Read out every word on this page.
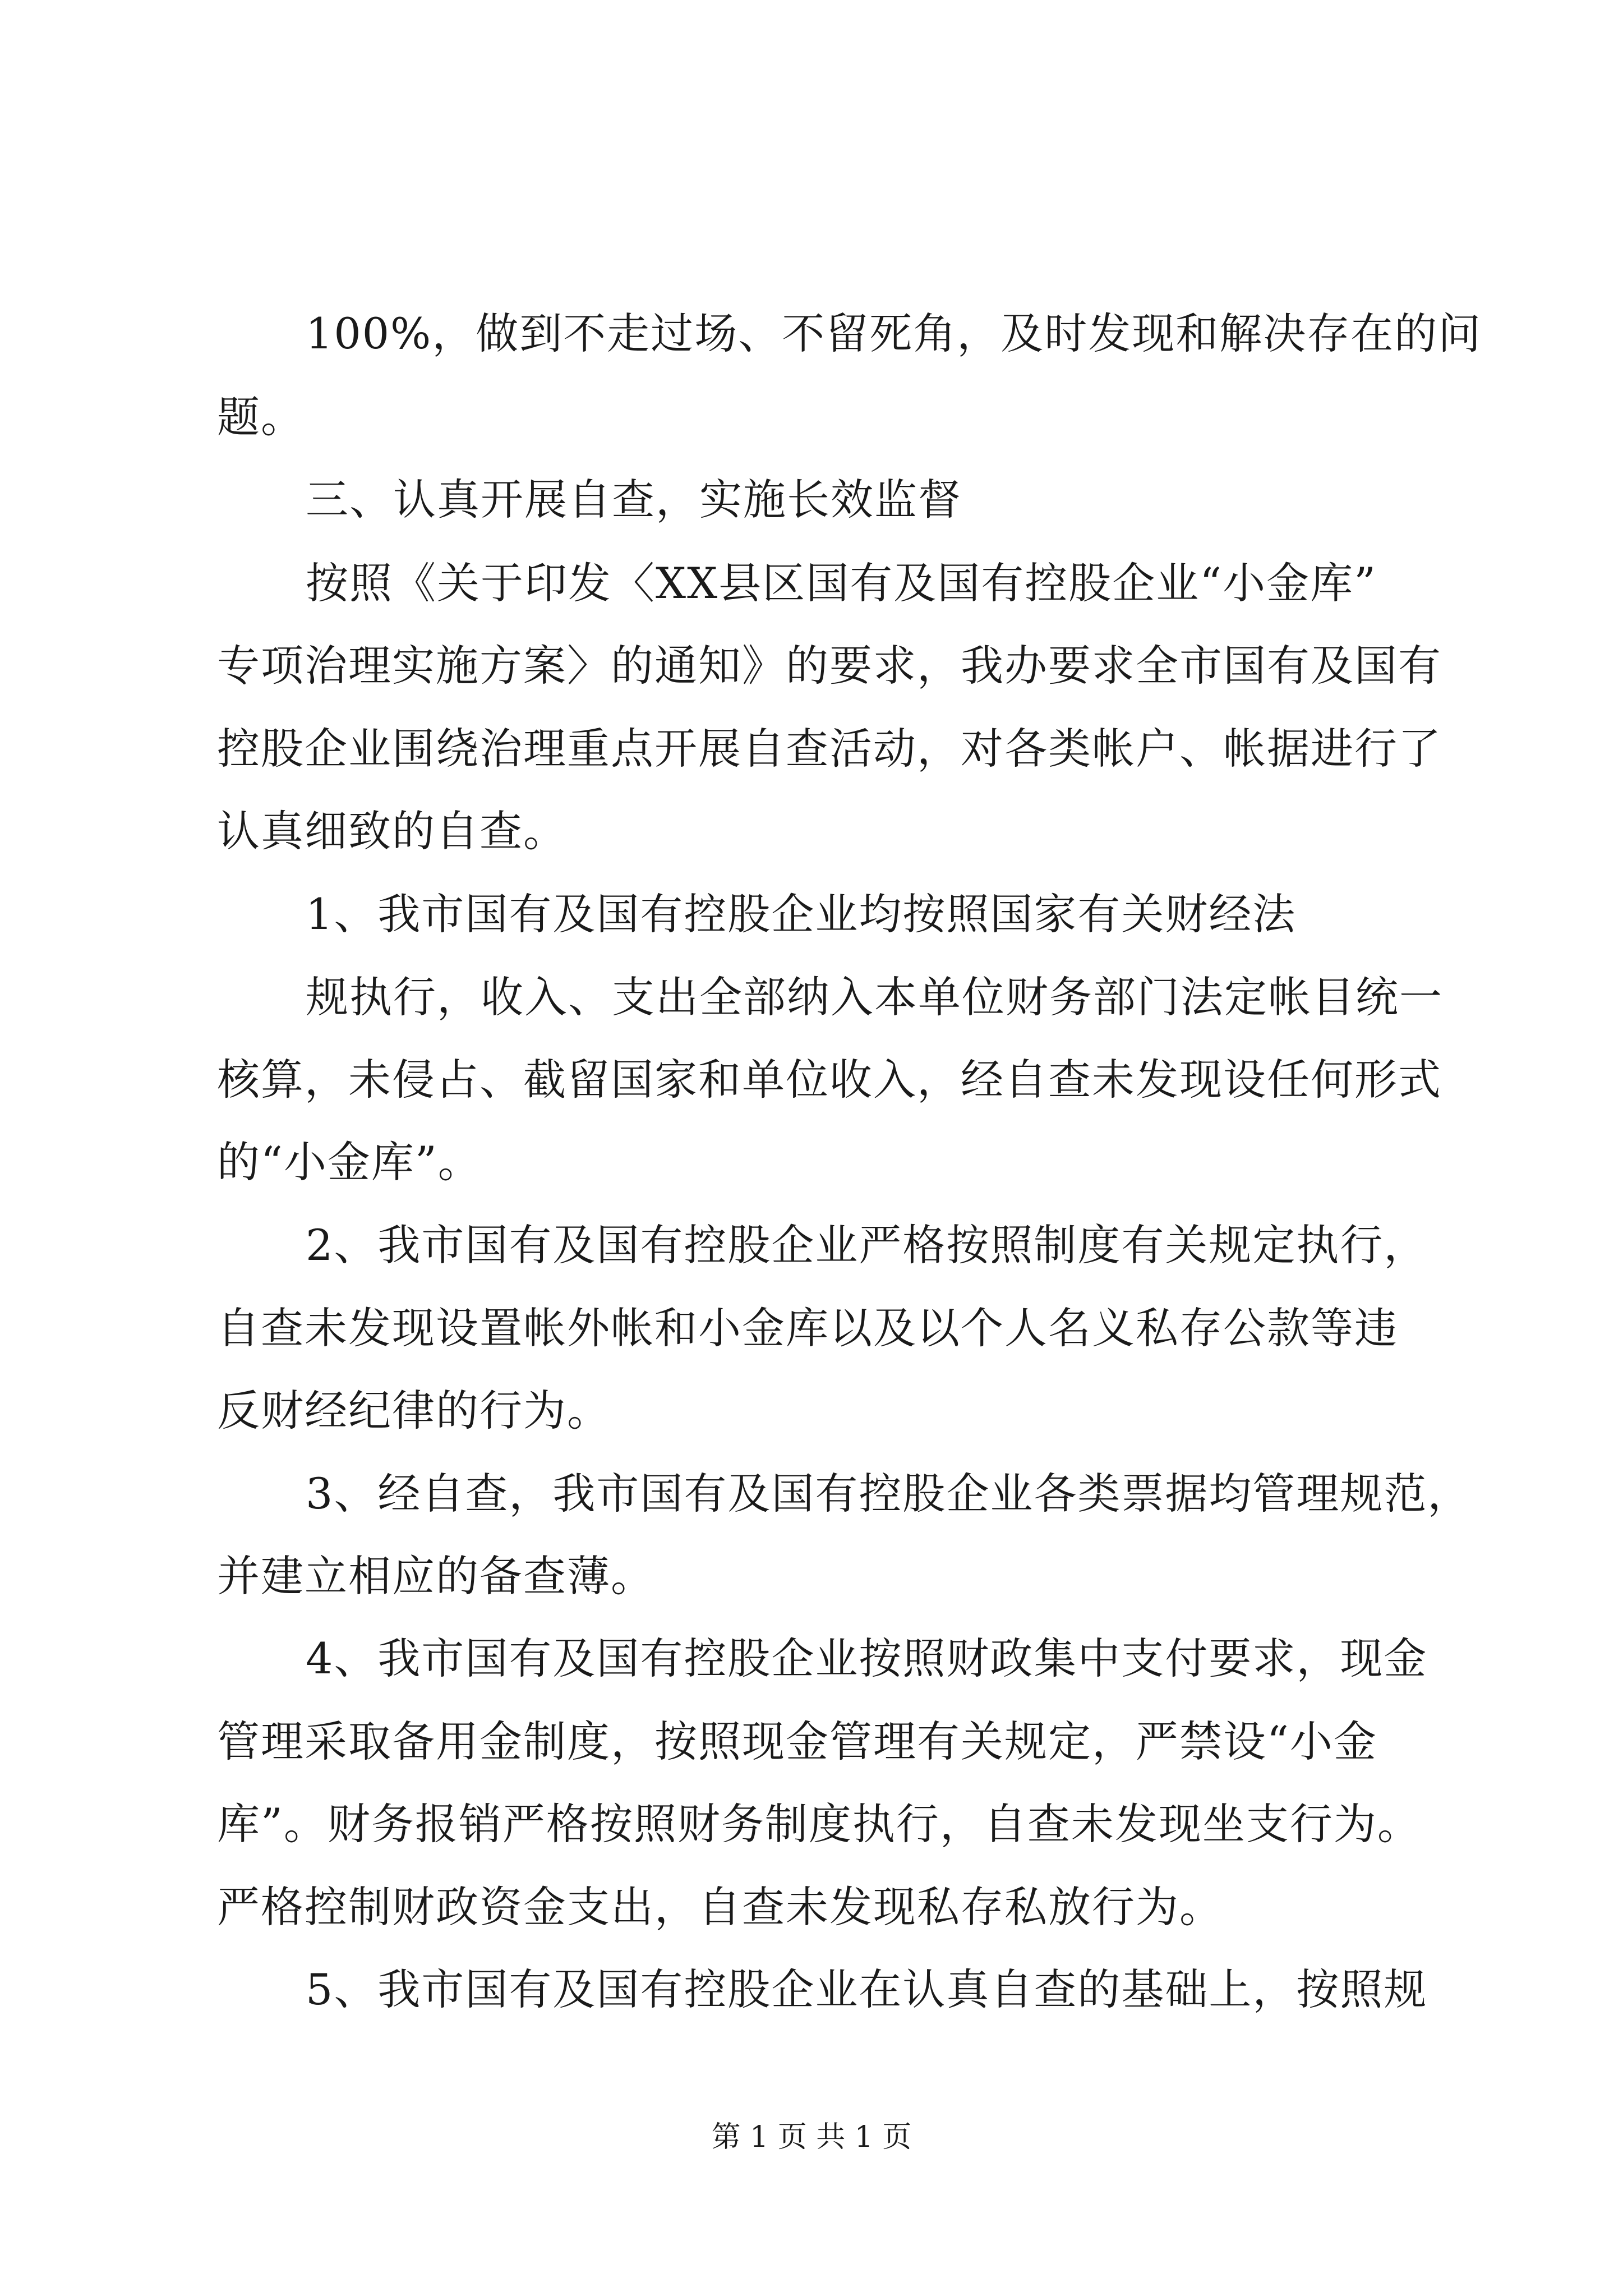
100%，做到不走过场、不留死角，及时发现和解决存在的问
题。
三、认真开展自查，实施长效监督
按照《关于印发〈XX县区国有及国有控股企业“小金库”
专项治理实施方案〉的通知》的要求，我办要求全市国有及国有
控股企业围绕治理重点开展自查活动，对各类帐户、帐据进行了
认真细致的自查。
1、我市国有及国有控股企业均按照国家有关财经法
规执行，收入、支出全部纳入本单位财务部门法定帐目统一
核算，未侵占、截留国家和单位收入，经自查未发现设任何形式
的“小金库”。
2、我市国有及国有控股企业严格按照制度有关规定执行，
自查未发现设置帐外帐和小金库以及以个人名义私存公款等违
反财经纪律的行为。
3、经自查，我市国有及国有控股企业各类票据均管理规范，
并建立相应的备查薄。
4、我市国有及国有控股企业按照财政集中支付要求，现金
管理采取备用金制度，按照现金管理有关规定，严禁设“小金
库”。财务报销严格按照财务制度执行，自查未发现坐支行为。
严格控制财政资金支出，自查未发现私存私放行为。
5、我市国有及国有控股企业在认真自查的基础上，按照规
第 1 页 共 1 页
